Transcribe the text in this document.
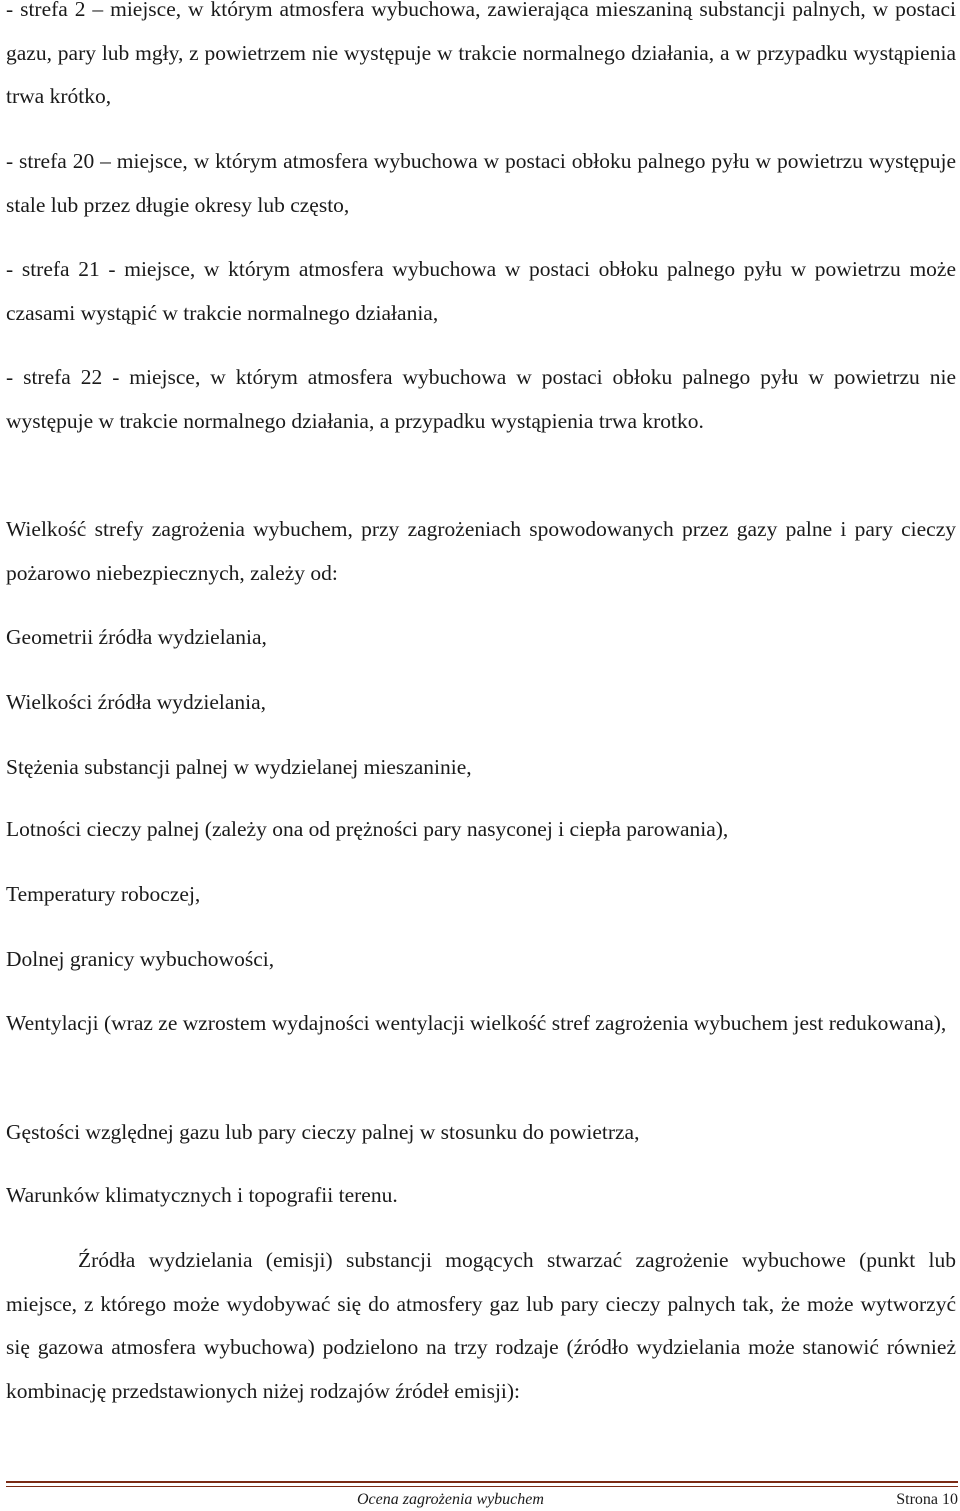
- strefa 2 – miejsce, w którym atmosfera wybuchowa, zawierająca mieszaniną substancji palnych, w postaci gazu, pary lub mgły, z powietrzem nie występuje w trakcie normalnego działania, a w przypadku wystąpienia trwa krótko,

- strefa 20 – miejsce, w którym atmosfera wybuchowa w postaci obłoku palnego pyłu w powietrzu występuje stale lub przez długie okresy lub często,

- strefa 21 - miejsce, w którym atmosfera wybuchowa w postaci obłoku palnego pyłu w powietrzu może czasami wystąpić w trakcie normalnego działania,

- strefa 22 - miejsce, w którym atmosfera wybuchowa w postaci obłoku palnego pyłu w powietrzu nie występuje w trakcie normalnego działania, a przypadku wystąpienia trwa krotko.

Wielkość strefy zagrożenia wybuchem, przy zagrożeniach spowodowanych przez gazy palne i pary cieczy pożarowo niebezpiecznych, zależy od:

Geometrii źródła wydzielania,

Wielkości źródła wydzielania,

Stężenia substancji palnej w wydzielanej mieszaninie,

Lotności cieczy palnej (zależy ona od prężności pary nasyconej i ciepła parowania),

Temperatury roboczej,

Dolnej granicy wybuchowości,

Wentylacji (wraz ze wzrostem wydajności wentylacji wielkość stref zagrożenia wybuchem jest redukowana),

Gęstości względnej gazu lub pary cieczy palnej w stosunku do powietrza,

Warunków klimatycznych i topografii terenu.

Źródła wydzielania (emisji) substancji mogących stwarzać zagrożenie wybuchowe (punkt lub miejsce, z którego może wydobywać się do atmosfery gaz lub pary cieczy palnych tak, że może wytworzyć się gazowa atmosfera wybuchowa) podzielono na trzy rodzaje (źródło wydzielania może stanowić również kombinację przedstawionych niżej rodzajów źródeł emisji):

Ocena zagrożenia wybuchem	Strona 10
